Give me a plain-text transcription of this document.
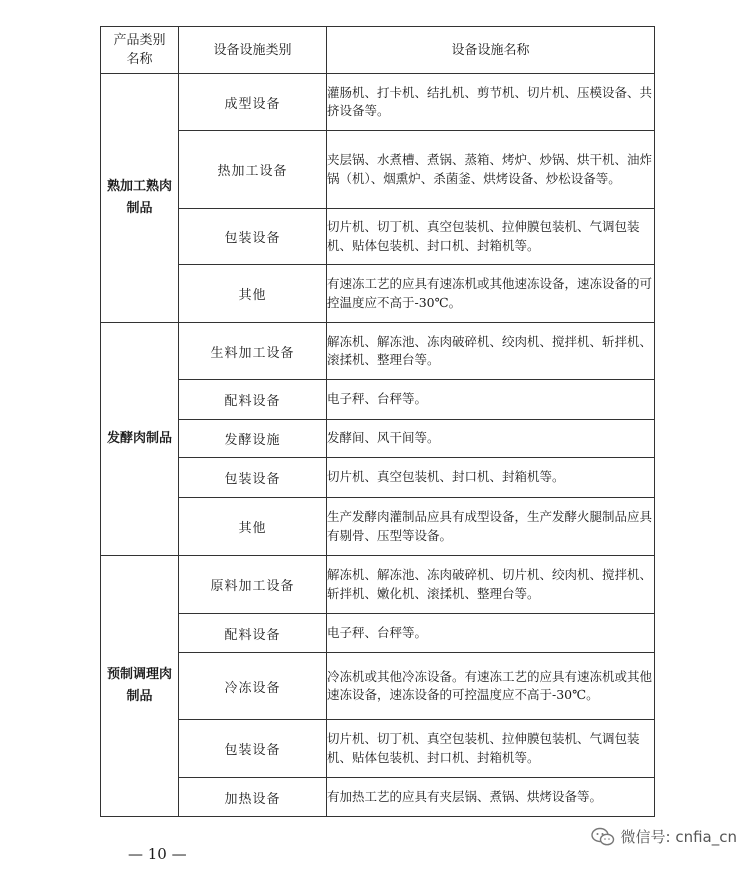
产品类别名称	设备设施类别	设备设施名称
熟加工熟肉制品	成型设备	灌肠机、打卡机、结扎机、剪节机、切片机、压模设备、共挤设备等。
	热加工设备	夹层锅、水煮槽、煮锅、蒸箱、烤炉、炒锅、烘干机、油炸锅（机）、烟熏炉、杀菌釜、烘烤设备、炒松设备等。
	包装设备	切片机、切丁机、真空包装机、拉伸膜包装机、气调包装机、贴体包装机、封口机、封箱机等。
	其他	有速冻工艺的应具有速冻机或其他速冻设备，速冻设备的可控温度应不高于-30℃。
发酵肉制品	生料加工设备	解冻机、解冻池、冻肉破碎机、绞肉机、搅拌机、斩拌机、滚揉机、整理台等。
	配料设备	电子秤、台秤等。
	发酵设施	发酵间、风干间等。
	包装设备	切片机、真空包装机、封口机、封箱机等。
	其他	生产发酵肉灌制品应具有成型设备，生产发酵火腿制品应具有剔骨、压型等设备。
预制调理肉制品	原料加工设备	解冻机、解冻池、冻肉破碎机、切片机、绞肉机、搅拌机、斩拌机、嫩化机、滚揉机、整理台等。
	配料设备	电子秤、台秤等。
	冷冻设备	冷冻机或其他冷冻设备。有速冻工艺的应具有速冻机或其他速冻设备，速冻设备的可控温度应不高于-30℃。
	包装设备	切片机、切丁机、真空包装机、拉伸膜包装机、气调包装机、贴体包装机、封口机、封箱机等。
	加热设备	有加热工艺的应具有夹层锅、煮锅、烘烤设备等。
— 10 —
微信号: cnfia_cn
